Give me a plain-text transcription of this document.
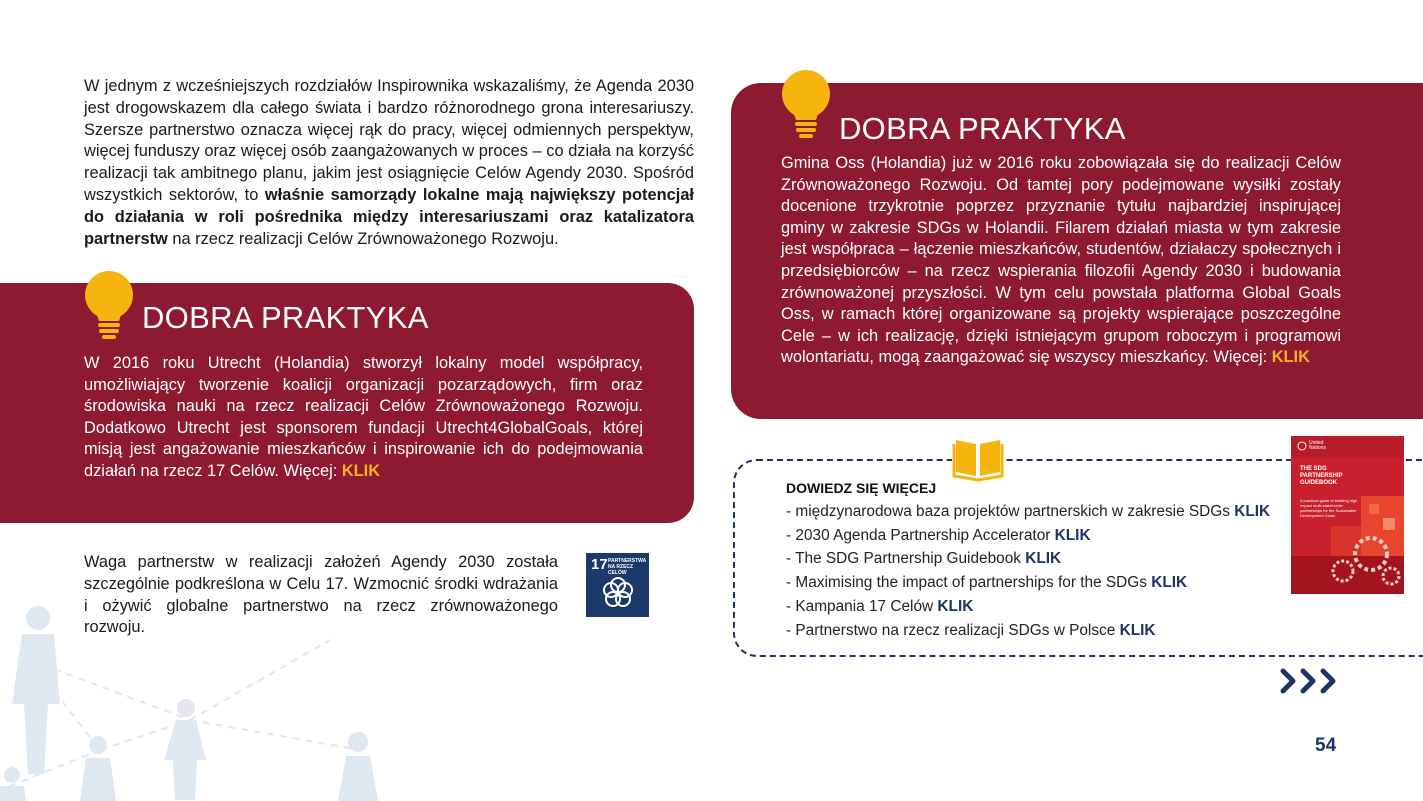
W jednym z wcześniejszych rozdziałów Inspirownika wskazaliśmy, że Agenda 2030 jest drogowskazem dla całego świata i bardzo różnorodnego grona interesariuszy. Szersze partnerstwo oznacza więcej rąk do pracy, więcej odmiennych perspektyw, więcej funduszy oraz więcej osób zaangażowanych w proces – co działa na korzyść realizacji tak ambitnego planu, jakim jest osiągnięcie Celów Agendy 2030. Spośród wszystkich sektorów, to właśnie samorządy lokalne mają największy potencjał do działania w roli pośrednika między interesariuszami oraz katalizatora partnerstw na rzecz realizacji Celów Zrównoważonego Rozwoju.
DOBRA PRAKTYKA
W 2016 roku Utrecht (Holandia) stworzył lokalny model współpracy, umożliwiający tworzenie koalicji organizacji pozarządowych, firm oraz środowiska nauki na rzecz realizacji Celów Zrównoważonego Rozwoju. Dodatkowo Utrecht jest sponsorem fundacji Utrecht4GlobalGoals, której misją jest angażowanie mieszkańców i inspirowanie ich do podejmowania działań na rzecz 17 Celów. Więcej: KLIK
DOBRA PRAKTYKA
Gmina Oss (Holandia) już w 2016 roku zobowiązała się do realizacji Celów Zrównoważonego Rozwoju. Od tamtej pory podejmowane wysiłki zostały docenione trzykrotnie poprzez przyznanie tytułu najbardziej inspirującej gminy w zakresie SDGs w Holandii. Filarem działań miasta w tym zakresie jest współpraca – łączenie mieszkańców, studentów, działaczy społecznych i przedsiębiorców – na rzecz wspierania filozofii Agendy 2030 i budowania zrównoważonej przyszłości. W tym celu powstała platforma Global Goals Oss, w ramach której organizowane są projekty wspierające poszczególne Cele – w ich realizację, dzięki istniejącym grupom roboczym i programowi wolontariatu, mogą zaangażować się wszyscy mieszkańcy. Więcej: KLIK
Waga partnerstw w realizacji założeń Agendy 2030 została szczególnie podkreślona w Celu 17. Wzmocnić środki wdrażania i ożywić globalne partnerstwo na rzecz zrównoważonego rozwoju.
17 PARTNERSTWA NA RZECZ CELÓW
DOWIEDZ SIĘ WIĘCEJ
- międzynarodowa baza projektów partnerskich w zakresie SDGs KLIK
- 2030 Agenda Partnership Accelerator KLIK
- The SDG Partnership Guidebook KLIK
- Maximising the impact of partnerships for the SDGs KLIK
- Kampania 17 Celów KLIK
- Partnerstwo na rzecz realizacji SDGs w Polsce KLIK
United Nations
THE SDG PARTNERSHIP GUIDEBOOK
A practical guide to building high impact multi-stakeholder partnerships for the Sustainable Development Goals
54
